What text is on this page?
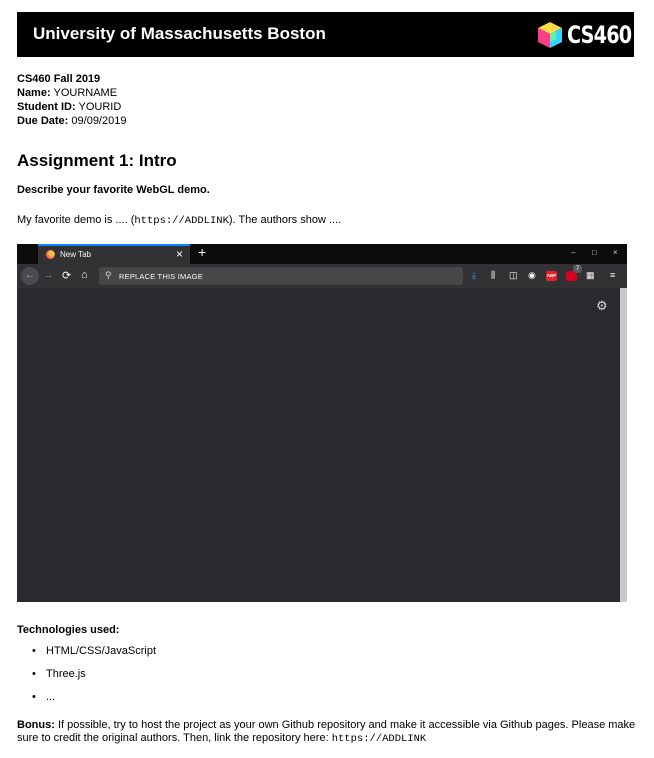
University of Massachusetts Boston	CS460
CS460 Fall 2019
Name: YOURNAME
Student ID: YOURID
Due Date: 09/09/2019
Assignment 1: Intro
Describe your favorite WebGL demo.
My favorite demo is .... (https://ADDLINK). The authors show ....
New Tab	× +	– □ ×
← → ⟳ ⌂ ⚲ REPLACE THIS IMAGE	⤓ ⫼ ◫ ◉ ABP
7
▦ ≡
⚙
Technologies used:
• HTML/CSS/JavaScript
• Three.js
• ...
Bonus: If possible, try to host the project as your own Github repository and make it accessible via Github pages. Please make sure to credit the original authors. Then, link the repository here: https://ADDLINK
